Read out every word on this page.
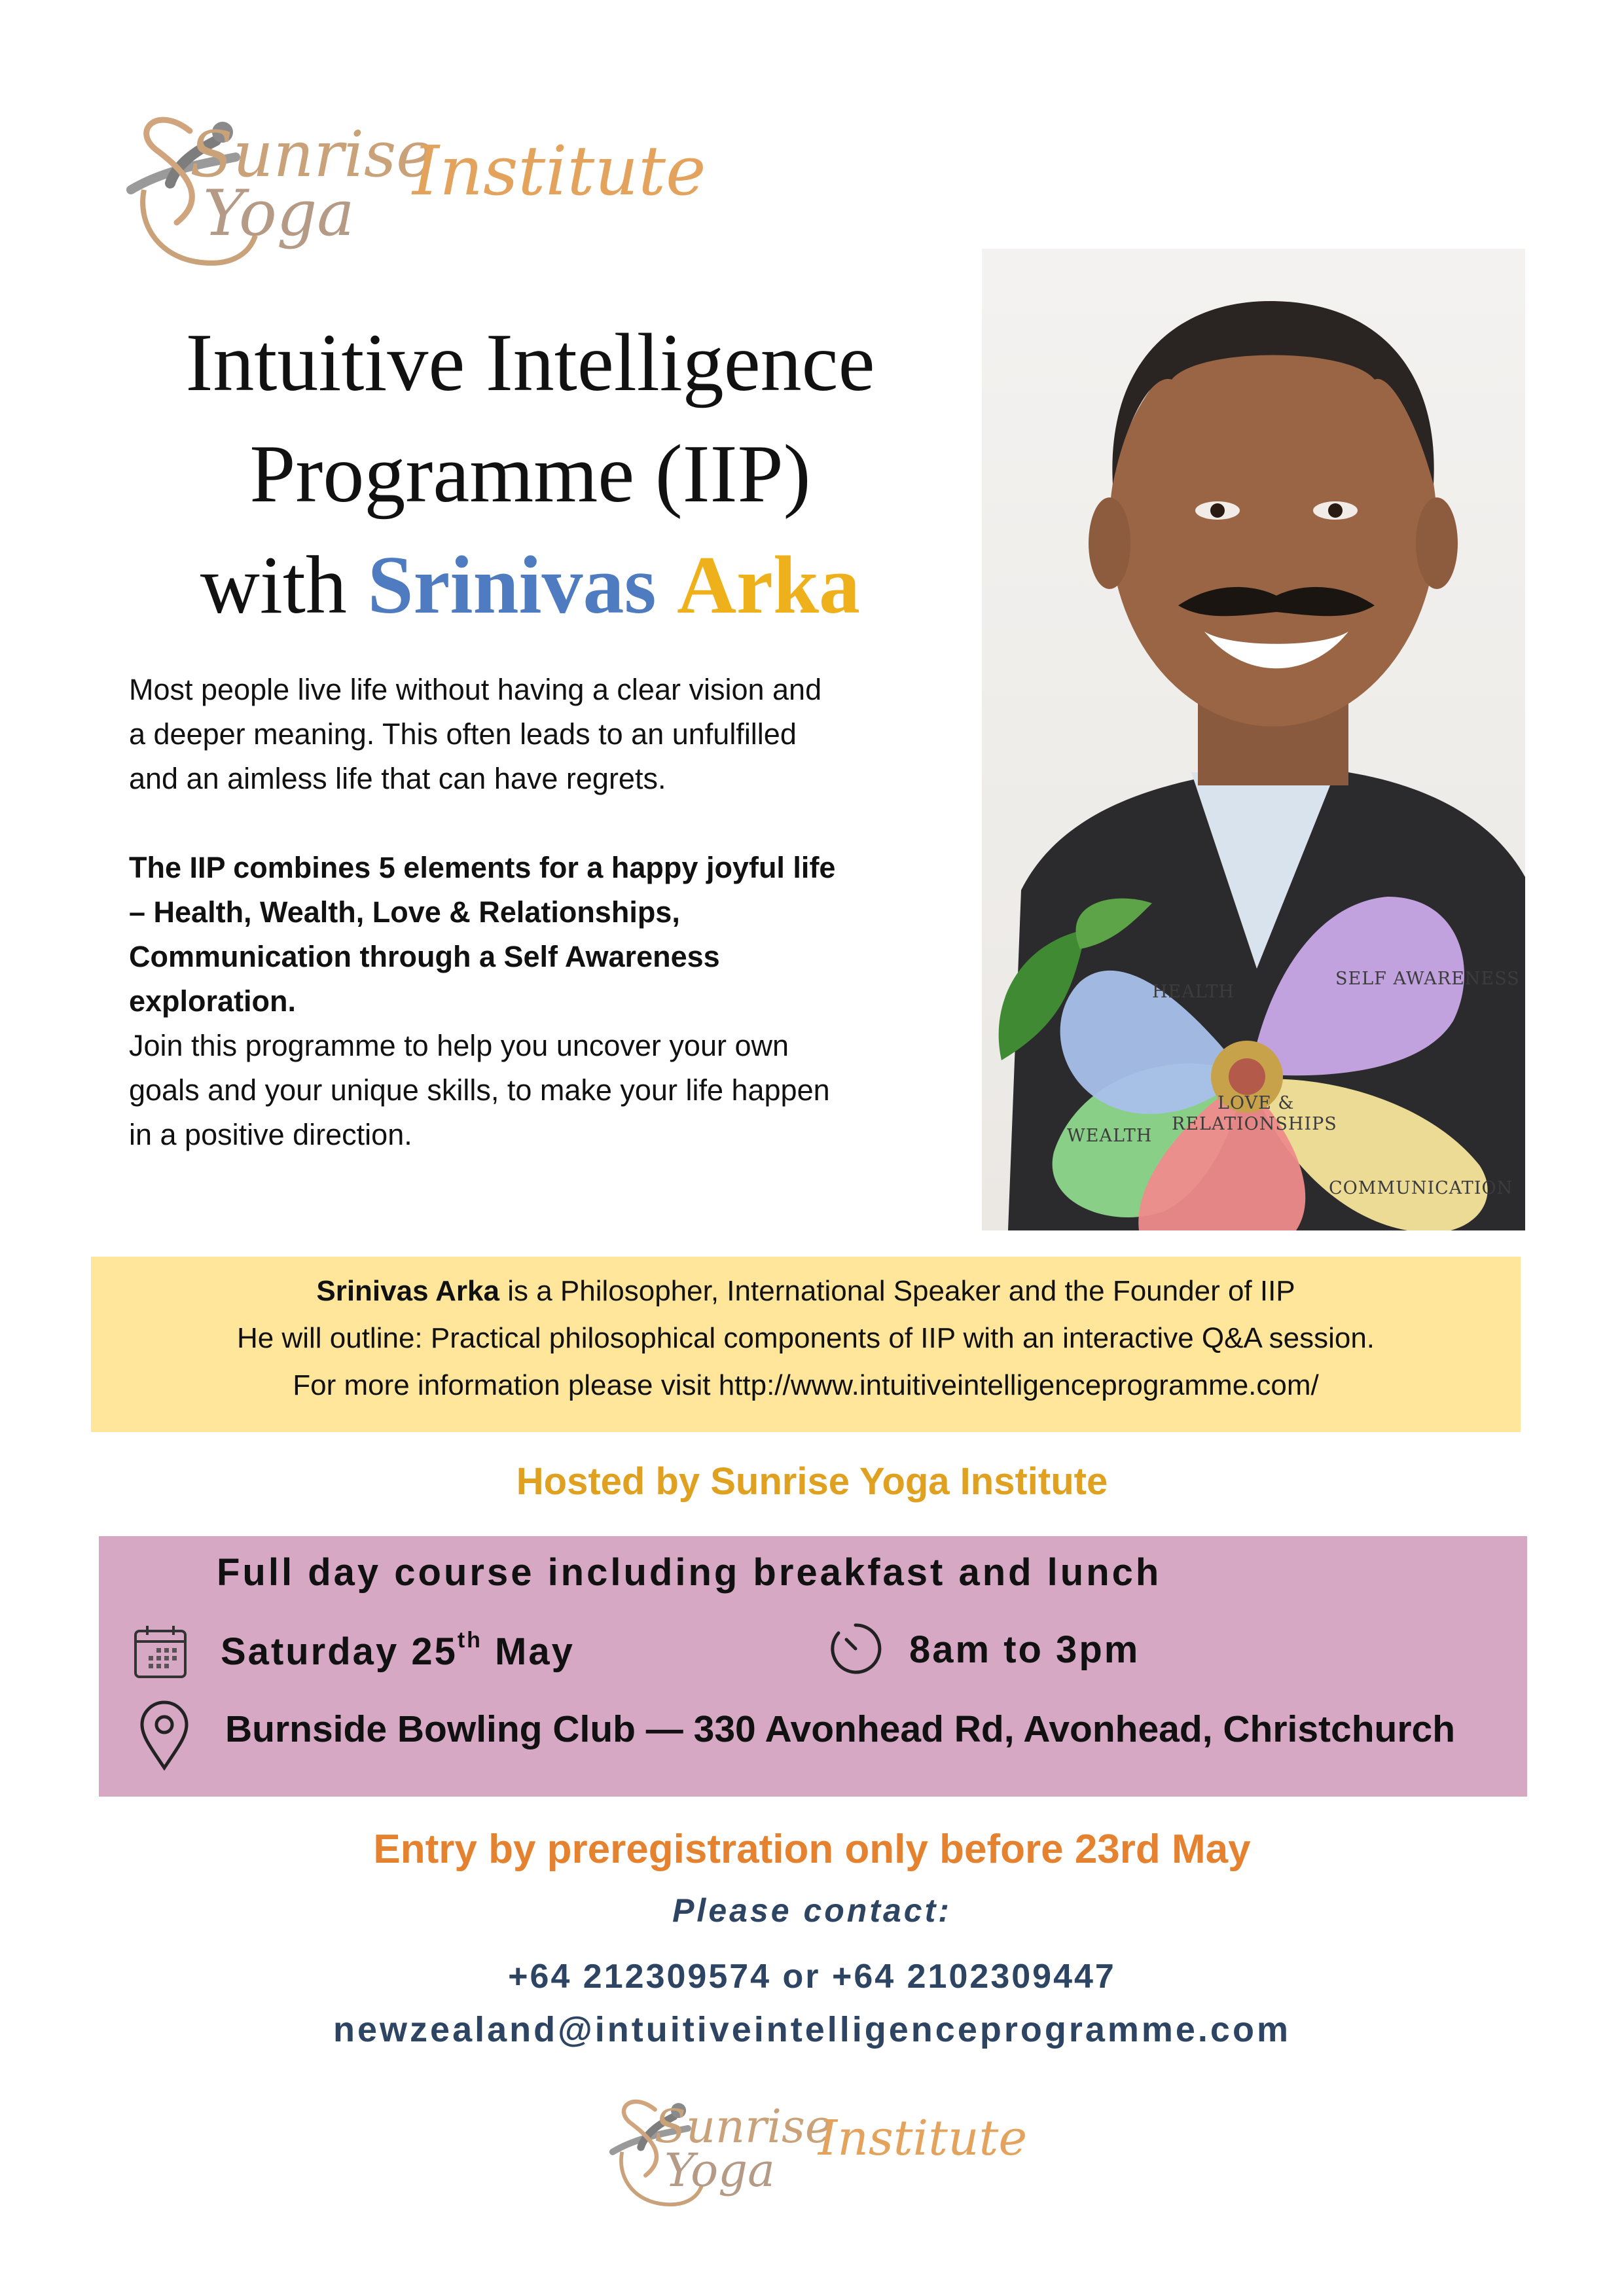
Sunrise
Yoga
Institute
Intuitive Intelligence
Programme (IIP)
with Srinivas Arka

Most people live life without having a clear vision and

a deeper meaning. This often leads to an unfulfilled

and an aimless life that can have regrets.

The IIP combines 5 elements for a happy joyful life

– Health, Wealth, Love & Relationships,

Communication through a Self Awareness

exploration.

Join this programme to help you uncover your own

goals and your unique skills, to make your life happen

in a positive direction.

HEALTH
SELF AWARENESS
WEALTH
COMMUNICATION
LOVE &
RELATIONSHIPS
Srinivas Arka is a Philosopher, International Speaker and the Founder of IIP
He will outline: Practical philosophical components of IIP with an interactive Q&A session.
For more information please visit http://www.intuitiveintelligenceprogramme.com/
Hosted by Sunrise Yoga Institute
Full day course including breakfast and lunch
Saturday 25th May	8am to 3pm
Burnside Bowling Club — 330 Avonhead Rd, Avonhead, Christchurch
Entry by preregistration only before 23rd May
Please contact:
+64 212309574 or +64 2102309447
newzealand@intuitiveintelligenceprogramme.com
Sunrise
Yoga
Institute
